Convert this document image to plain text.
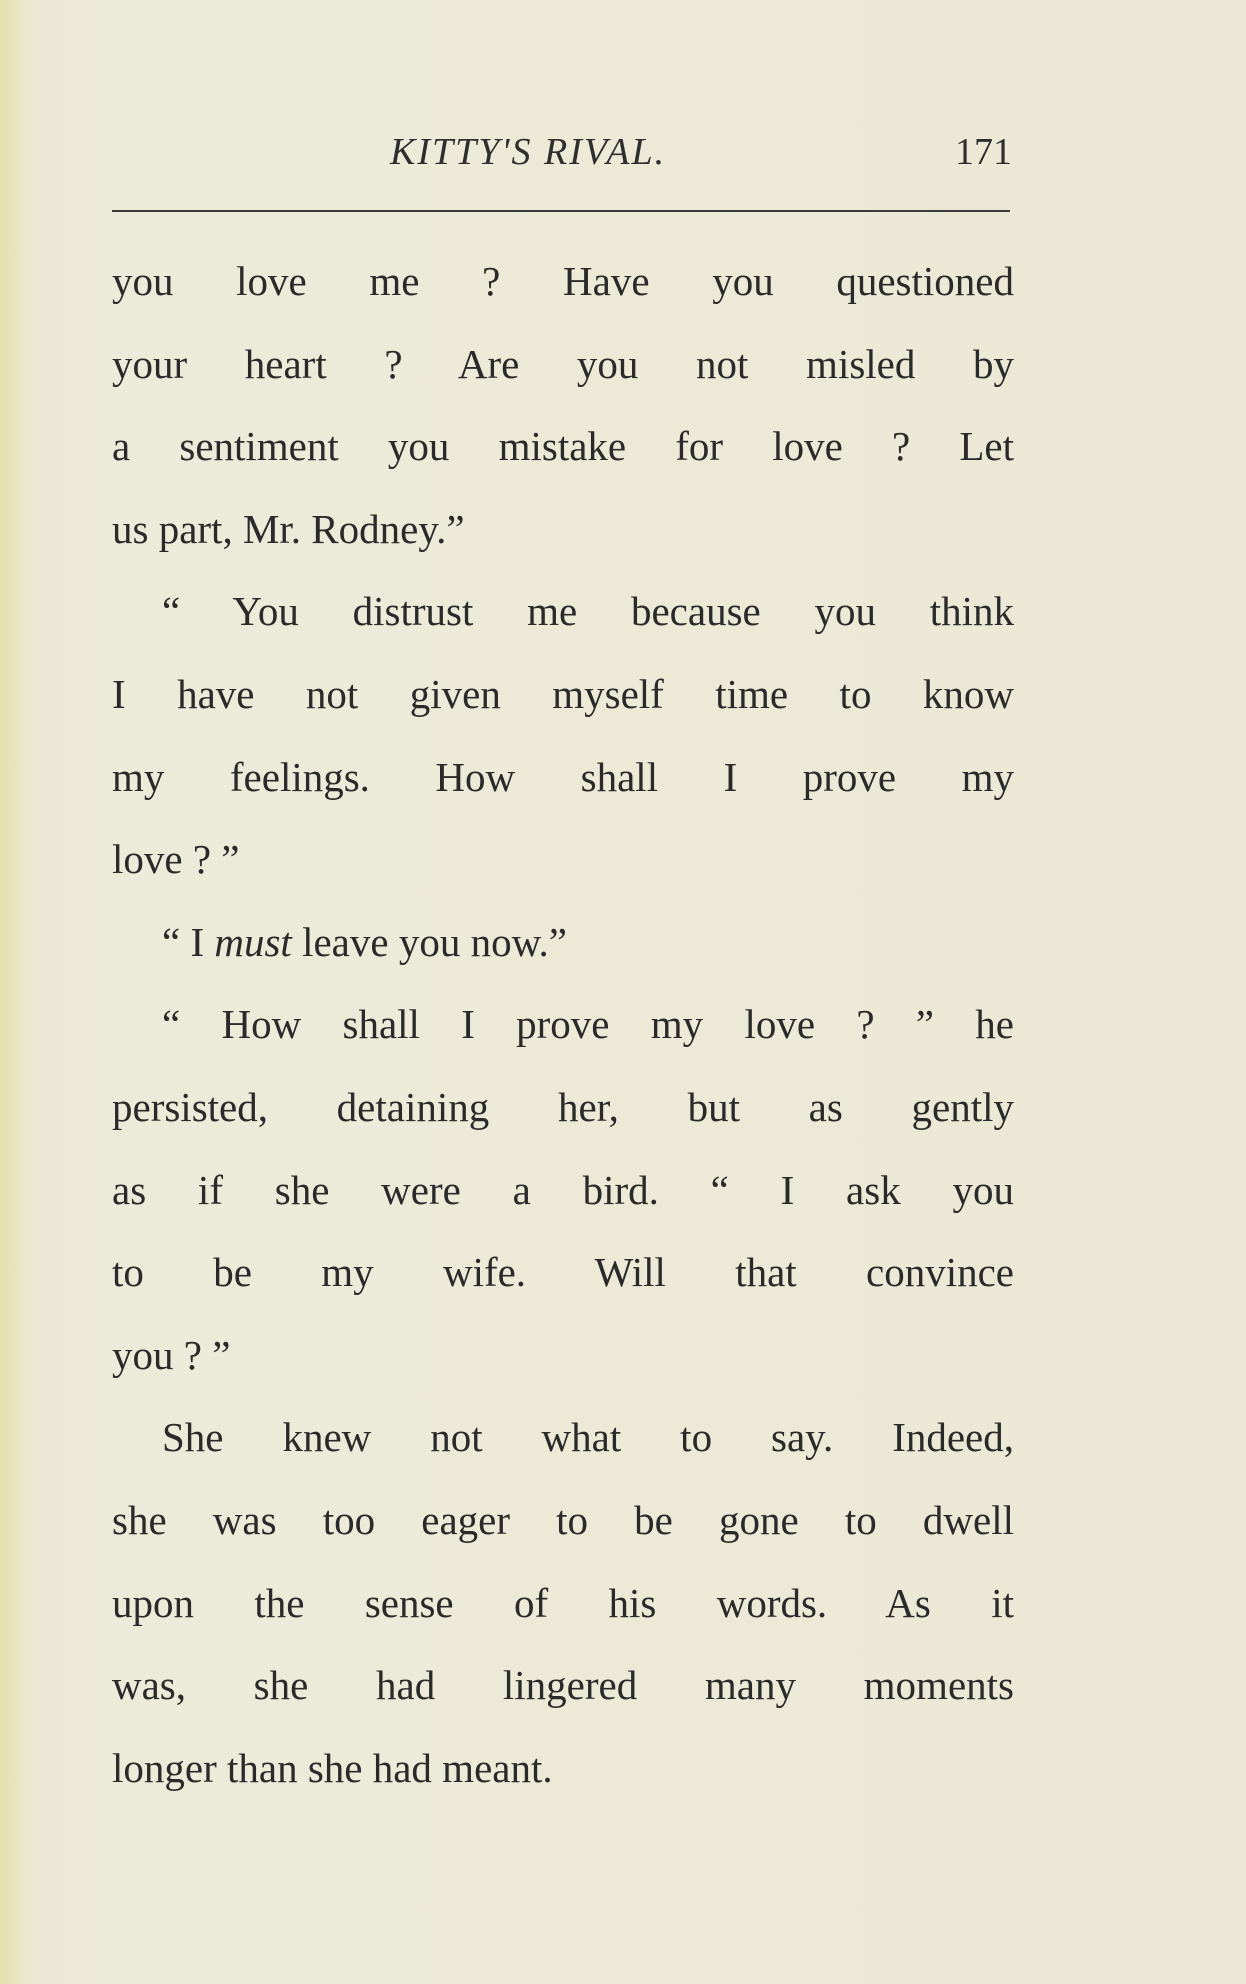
KITTY'S RIVAL.	171
you love me ? Have you questioned
your heart ? Are you not misled by
a sentiment you mistake for love ? Let
us part, Mr. Rodney.”
“ You distrust me because you think
I have not given myself time to know
my feelings. How shall I prove my
love ? ”
“ I must leave you now.”
“ How shall I prove my love ? ” he
persisted, detaining her, but as gently
as if she were a bird. “ I ask you
to be my wife. Will that convince
you ? ”
She knew not what to say. Indeed,
she was too eager to be gone to dwell
upon the sense of his words. As it
was, she had lingered many moments
longer than she had meant.
